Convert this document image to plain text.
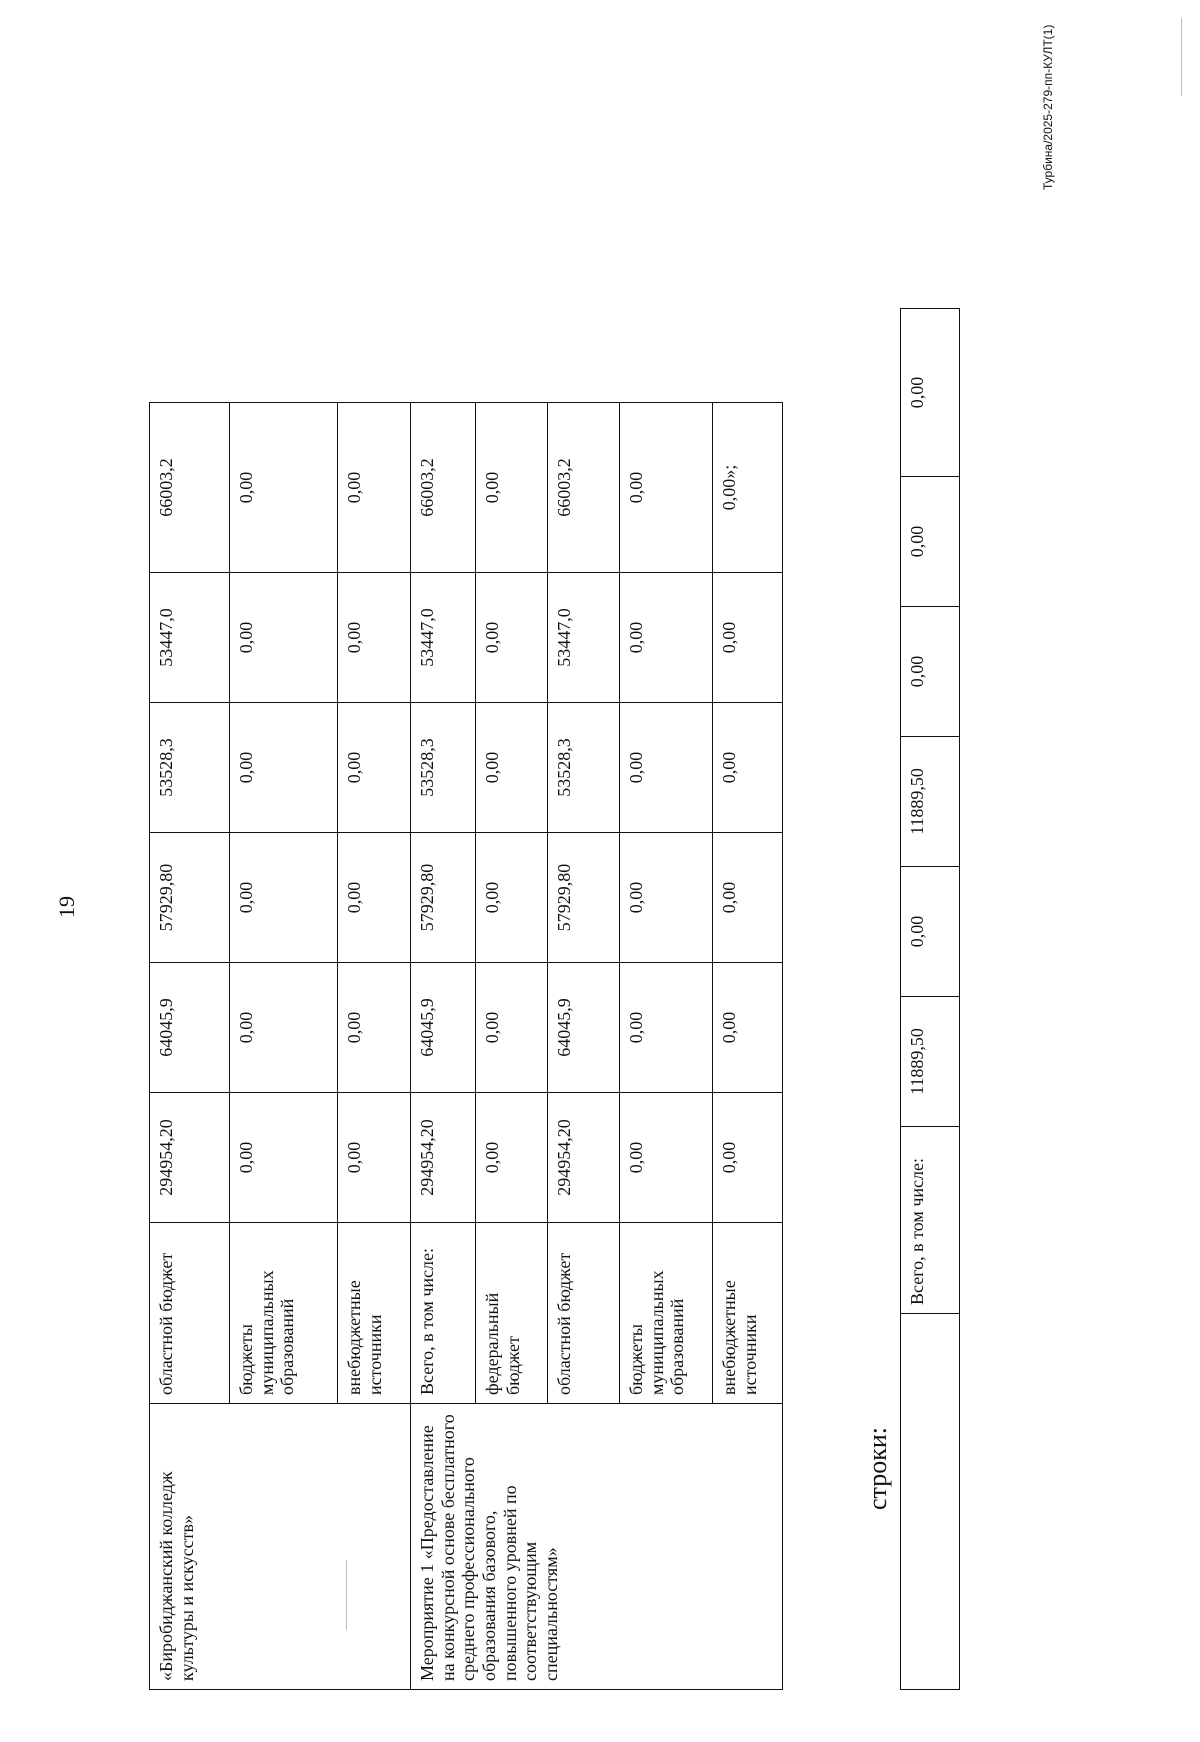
19
«Биробиджанский колледж культуры и искусств»	областной бюджет	294954,20	64045,9	57929,80	53528,3	53447,0	66003,2
	бюджеты муниципальных образований	0,00	0,00	0,00	0,00	0,00	0,00
	внебюджетные источники	0,00	0,00	0,00	0,00	0,00	0,00
Мероприятие 1 «Предоставление на конкурсной основе бесплатного среднего профессионального образования базового, повышенного уровней по соответствующим специальностям»	Всего, в том числе:	294954,20	64045,9	57929,80	53528,3	53447,0	66003,2
	федеральный бюджет	0,00	0,00	0,00	0,00	0,00	0,00
	областной бюджет	294954,20	64045,9	57929,80	53528,3	53447,0	66003,2
	бюджеты муниципальных образований	0,00	0,00	0,00	0,00	0,00	0,00
	внебюджетные источники	0,00	0,00	0,00	0,00	0,00	0,00»;
строки:
	Всего, в том числе:	11889,50	0,00	11889,50	0,00	0,00	0,00
Турбина/2025-279-пп-КУЛТ(1)
